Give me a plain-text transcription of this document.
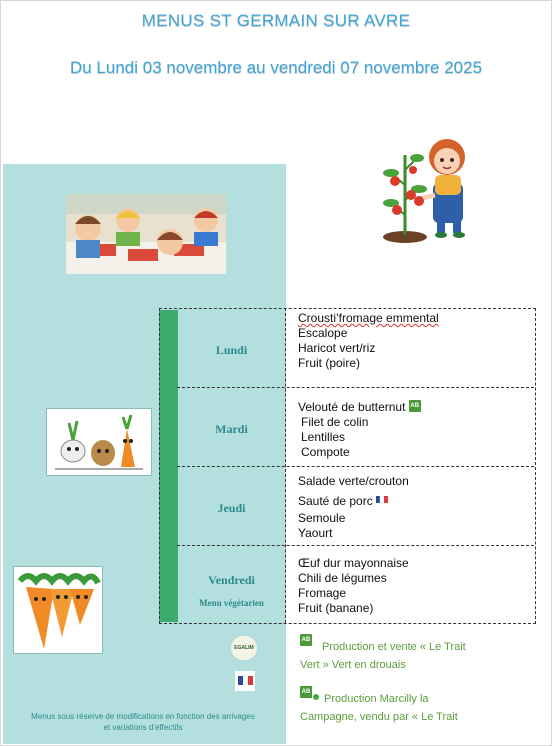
MENUS ST GERMAIN SUR AVRE
Du Lundi 03 novembre au vendredi 07 novembre 2025
Lundi
Mardi
Jeudi
Vendredi
Menu végétarien
Crousti’fromage emmental
Escalope
Haricot vert/riz
Fruit (poire)
Velouté de butternut AB
Filet de colin
Lentilles
Compote
Salade verte/crouton
Sauté de porc
Semoule
Yaourt
Œuf dur mayonnaise
Chili de légumes
Fromage
Fruit (banane)
EGALIM
AB
Production et vente « Le Trait
Vert » Vert en drouais
AB
Production Marcilly la
Campagne, vendu par « Le Trait
Menus sous réserve de modifications en fonction des arrivages
et variations d’effectifs
